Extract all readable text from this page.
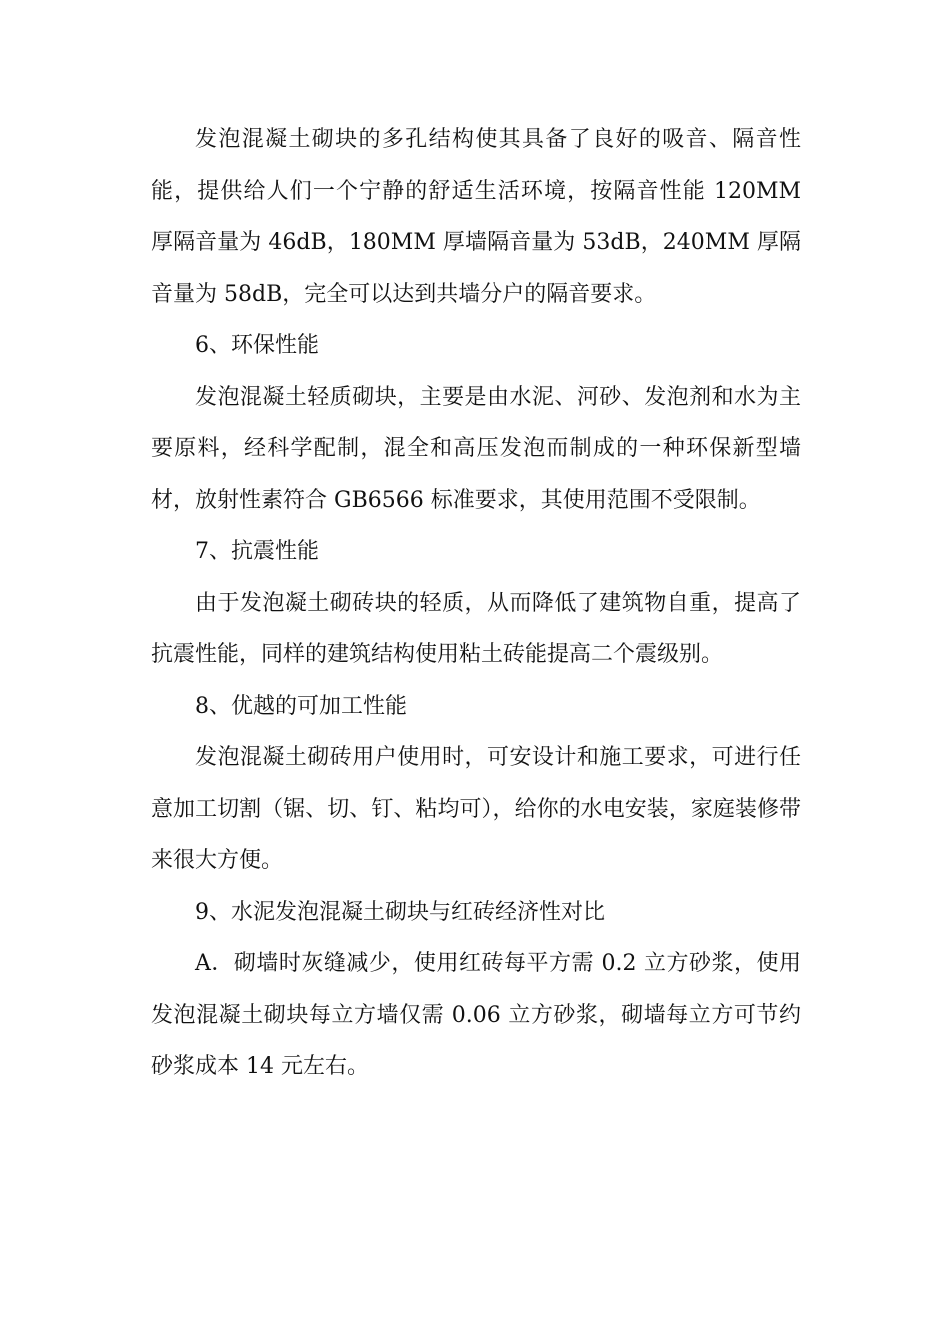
发泡混凝土砌块的多孔结构使其具备了良好的吸音、隔音性能，提供给人们一个宁静的舒适生活环境，按隔音性能 120MM 厚隔音量为 46dB，180MM 厚墙隔音量为 53dB，240MM 厚隔音量为 58dB，完全可以达到共墙分户的隔音要求。

6、环保性能

发泡混凝土轻质砌块，主要是由水泥、河砂、发泡剂和水为主要原料，经科学配制，混全和高压发泡而制成的一种环保新型墙材，放射性素符合 GB6566 标准要求，其使用范围不受限制。

7、抗震性能

由于发泡凝土砌砖块的轻质，从而降低了建筑物自重，提高了抗震性能，同样的建筑结构使用粘土砖能提高二个震级别。

8、优越的可加工性能

发泡混凝土砌砖用户使用时，可安设计和施工要求，可进行任意加工切割（锯、切、钉、粘均可），给你的水电安装，家庭装修带来很大方便。

9、水泥发泡混凝土砌块与红砖经济性对比

A．砌墙时灰缝减少，使用红砖每平方需 0.2 立方砂浆，使用发泡混凝土砌块每立方墙仅需 0.06 立方砂浆，砌墙每立方可节约砂浆成本 14 元左右。
